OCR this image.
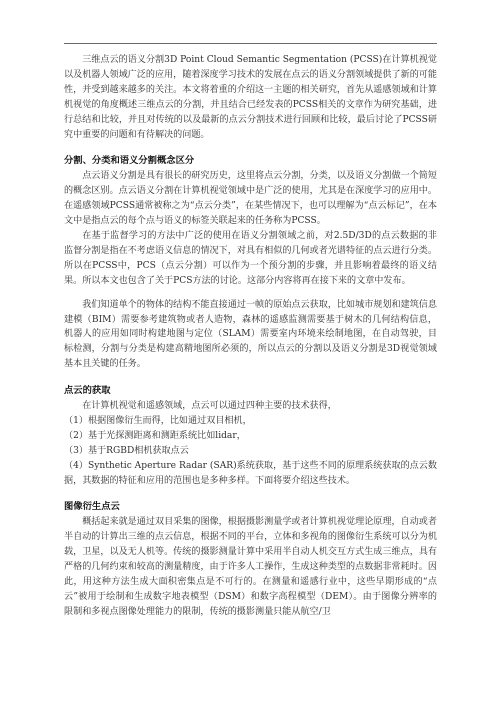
三维点云的语义分割3D Point Cloud Semantic Segmentation (PCSS)在计算机视觉以及机器人领域广泛的应用，随着深度学习技术的发展在点云的语义分割领域提供了新的可能性，并受到越来越多的关注。本文将着重的介绍这一主题的相关研究，首先从遥感领域和计算机视觉的角度概述三维点云的分割，并且结合已经发表的PCSS相关的文章作为研究基础，进行总结和比较，并且对传统的以及最新的点云分割技术进行回顾和比较，最后讨论了PCSS研究中重要的问题和有待解决的问题。

分割、分类和语义分割概念区分

点云语义分割是具有很长的研究历史，这里将点云分割，分类，以及语义分割做一个简短的概念区别。点云语义分割在计算机视觉领域中是广泛的使用，尤其是在深度学习的应用中。在遥感领域PCSS通常被称之为“点云分类”，在某些情况下，也可以理解为“点云标记”，在本文中是指点云的每个点与语义的标签关联起来的任务称为PCSS。

在基于监督学习的方法中广泛的使用在语义分割领域之前，对2.5D/3D的点云数据的非监督分割是指在不考虑语义信息的情况下，对具有相似的几何或者光谱特征的点云进行分类。所以在PCSS中，PCS（点云分割）可以作为一个预分割的步骤，并且影响着最终的语义结果。所以本文也包含了关于PCS方法的讨论。这部分内容将再在接下来的文章中发布。

我们知道单个的物体的结构不能直接通过一帧的原始点云获取，比如城市规划和建筑信息建模（BIM）需要参考建筑物或者人造物，森林的遥感监测需要基于树木的几何结构信息，机器人的应用如同时构建地图与定位（SLAM）需要室内环境来绘制地图，在自动驾驶，目标检测，分割与分类是构建高精地图所必须的，所以点云的分割以及语义分割是3D视觉领域基本且关键的任务。

点云的获取

在计算机视觉和遥感领域，点云可以通过四种主要的技术获得，

（1）根据图像衍生而得，比如通过双目相机，

（2）基于光探测距离和测距系统比如lidar，

（3）基于RGBD相机获取点云

（4）Synthetic Aperture Radar (SAR)系统获取，基于这些不同的原理系统获取的点云数据，其数据的特征和应用的范围也是多种多样。下面将要介绍这些技术。

图像衍生点云

概括起来就是通过双目采集的图像，根据摄影测量学或者计算机视觉理论原理，自动或者半自动的计算出三维的点云信息，根据不同的平台，立体和多视角的图像衍生系统可以分为机载，卫星，以及无人机等。传统的摄影测量计算中采用半自动人机交互方式生成三维点，具有严格的几何约束和较高的测量精度，由于许多人工操作，生成这种类型的点数据非常耗时。因此，用这种方法生成大面积密集点是不可行的。在测量和遥感行业中，这些早期形成的“点云”被用于绘制和生成数字地表模型（DSM）和数字高程模型（DEM）。由于图像分辨率的限制和多视点图像处理能力的限制，传统的摄影测量只能从航空/卫
